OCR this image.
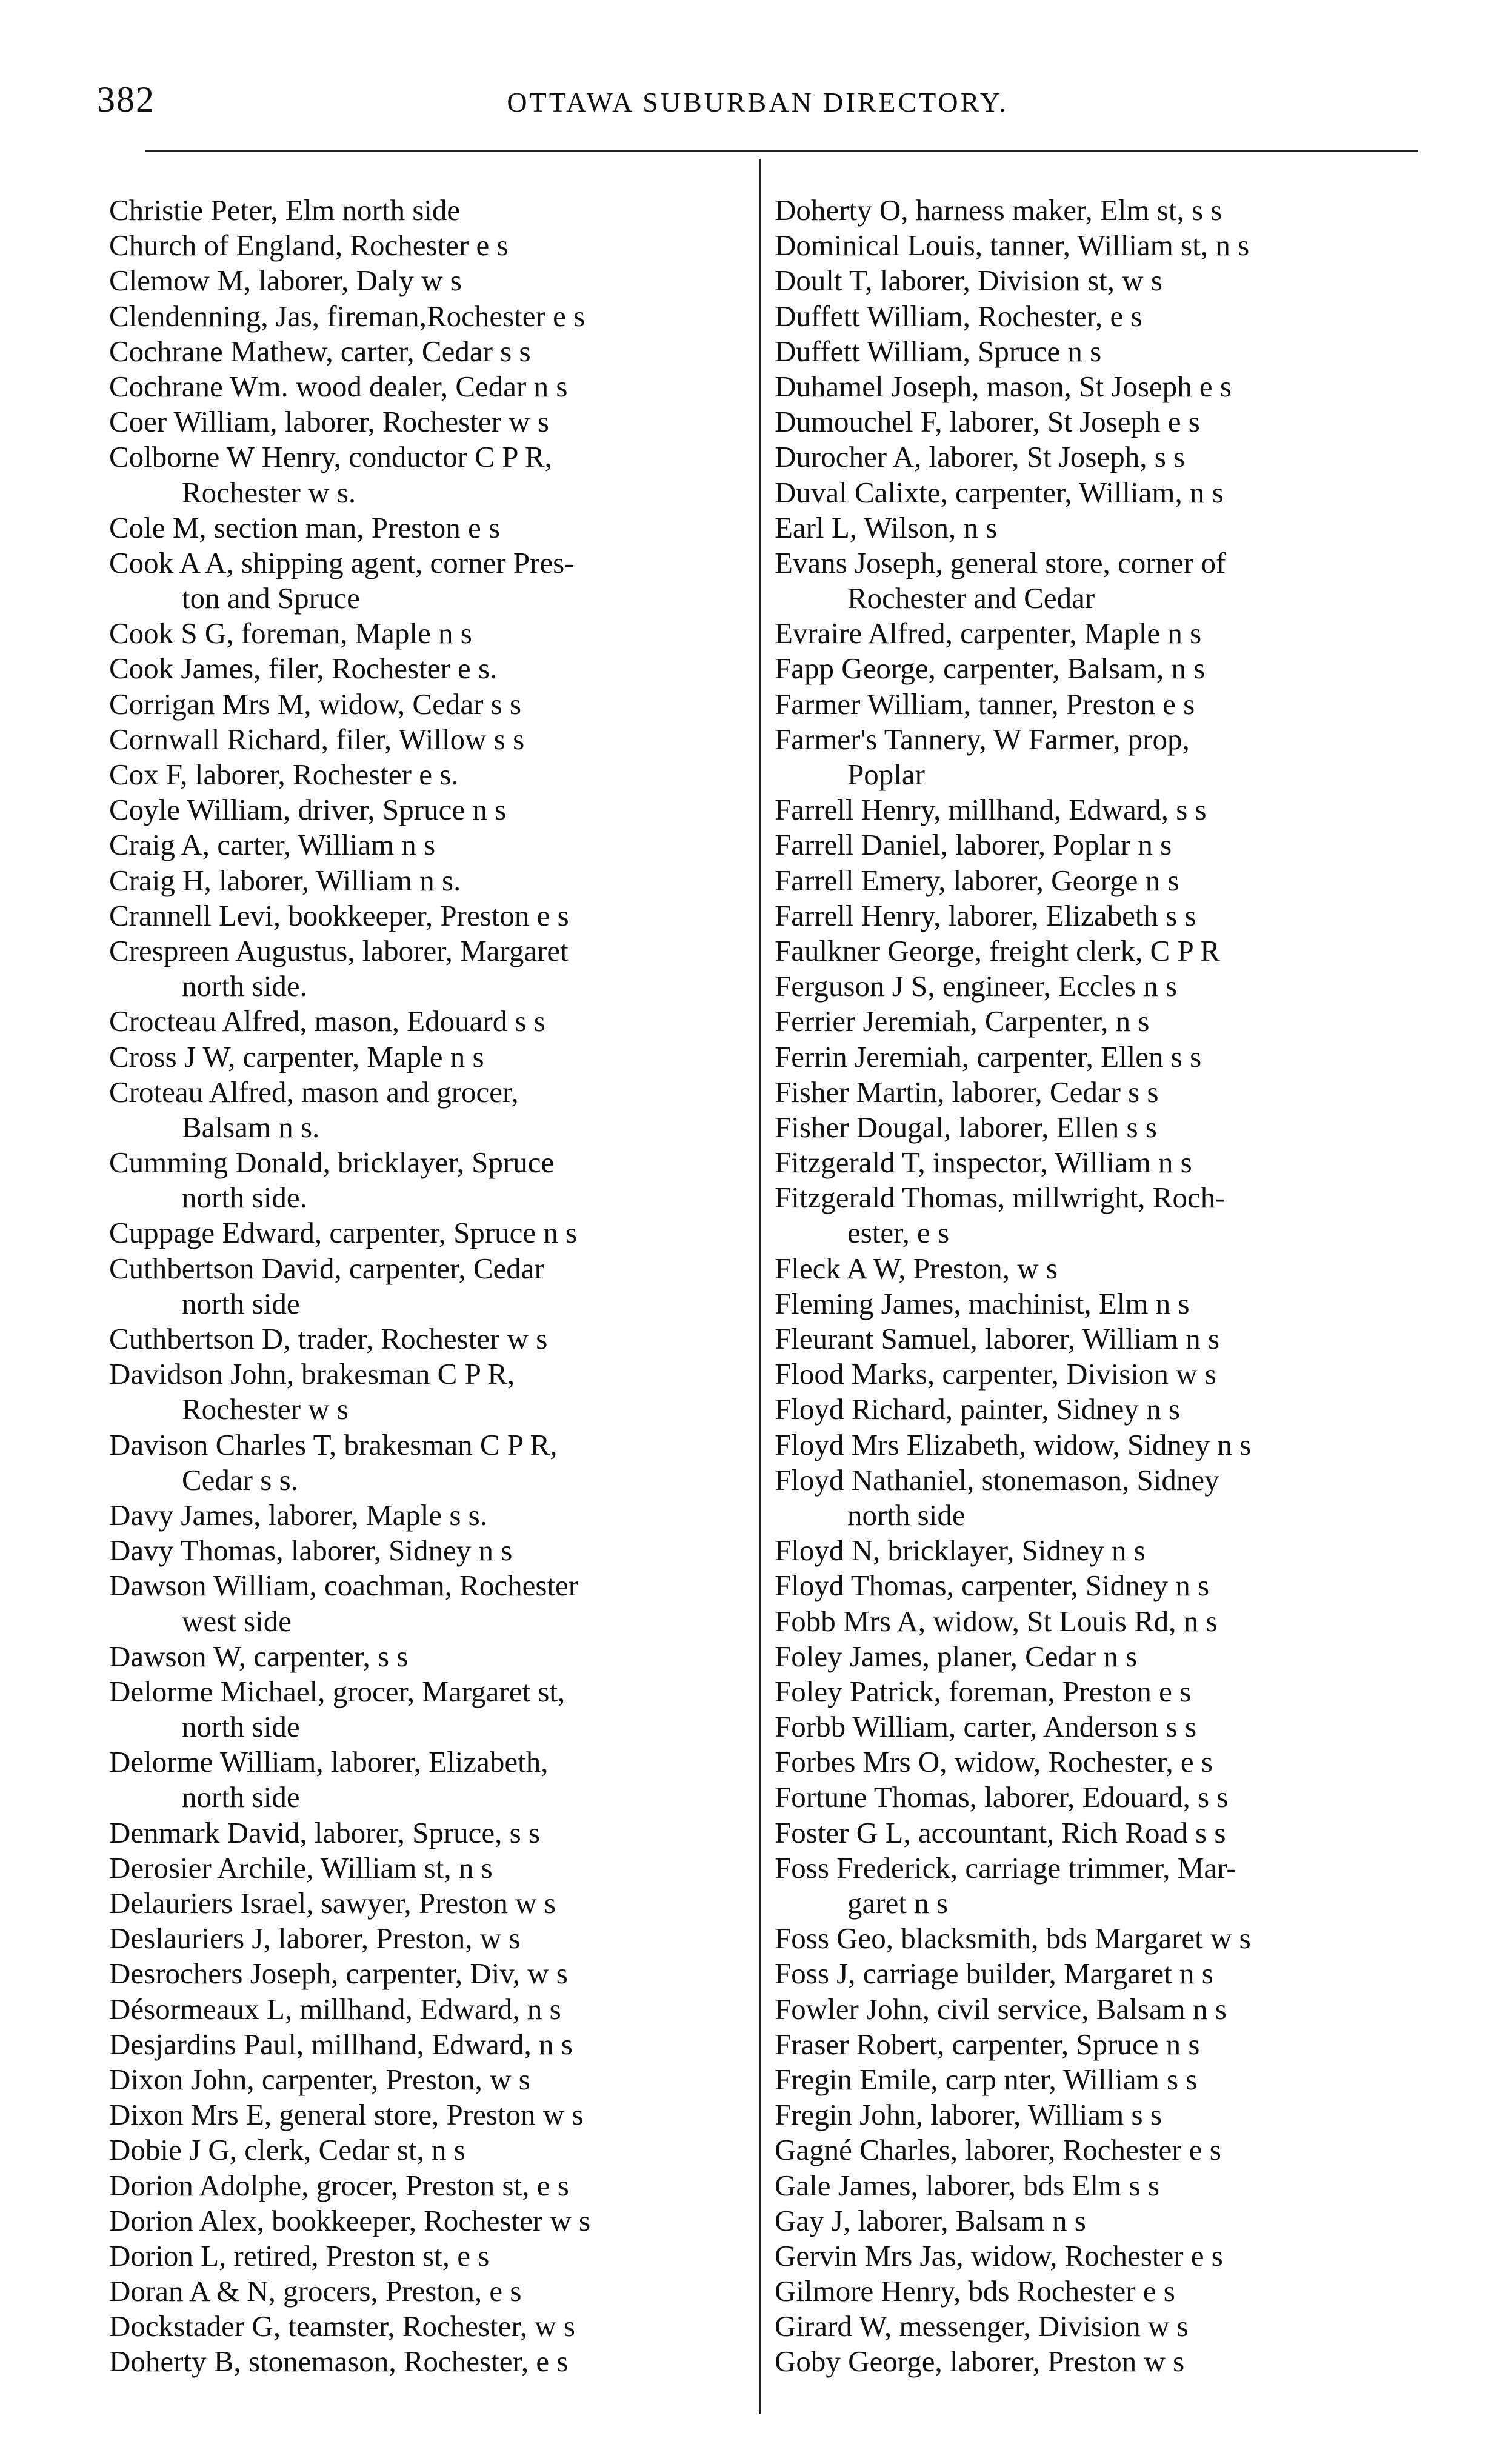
382	OTTAWA SUBURBAN DIRECTORY.
Christie Peter, Elm north side
Church of England, Rochester e s
Clemow M, laborer, Daly w s
Clendenning, Jas, fireman,Rochester e s
Cochrane Mathew, carter, Cedar s s
Cochrane Wm. wood dealer, Cedar n s
Coer William, laborer, Rochester w s
Colborne W Henry, conductor C P R,
Rochester w s.
Cole M, section man, Preston e s
Cook A A, shipping agent, corner Pres-
ton and Spruce
Cook S G, foreman, Maple n s
Cook James, filer, Rochester e s.
Corrigan Mrs M, widow, Cedar s s
Cornwall Richard, filer, Willow s s
Cox F, laborer, Rochester e s.
Coyle William, driver, Spruce n s
Craig A, carter, William n s
Craig H, laborer, William n s.
Crannell Levi, bookkeeper, Preston e s
Crespreen Augustus, laborer, Margaret
north side.
Crocteau Alfred, mason, Edouard s s
Cross J W, carpenter, Maple n s
Croteau Alfred, mason and grocer,
Balsam n s.
Cumming Donald, bricklayer, Spruce
north side.
Cuppage Edward, carpenter, Spruce n s
Cuthbertson David, carpenter, Cedar
north side
Cuthbertson D, trader, Rochester w s
Davidson John, brakesman C P R,
Rochester w s
Davison Charles T, brakesman C P R,
Cedar s s.
Davy James, laborer, Maple s s.
Davy Thomas, laborer, Sidney n s
Dawson William, coachman, Rochester
west side
Dawson W, carpenter, s s
Delorme Michael, grocer, Margaret st,
north side
Delorme William, laborer, Elizabeth,
north side
Denmark David, laborer, Spruce, s s
Derosier Archile, William st, n s
Delauriers Israel, sawyer, Preston w s
Deslauriers J, laborer, Preston, w s
Desrochers Joseph, carpenter, Div, w s
Désormeaux L, millhand, Edward, n s
Desjardins Paul, millhand, Edward, n s
Dixon John, carpenter, Preston, w s
Dixon Mrs E, general store, Preston w s
Dobie J G, clerk, Cedar st, n s
Dorion Adolphe, grocer, Preston st, e s
Dorion Alex, bookkeeper, Rochester w s
Dorion L, retired, Preston st, e s
Doran A & N, grocers, Preston, e s
Dockstader G, teamster, Rochester, w s
Doherty B, stonemason, Rochester, e s
Doherty O, harness maker, Elm st, s s
Dominical Louis, tanner, William st, n s
Doult T, laborer, Division st, w s
Duffett William, Rochester, e s
Duffett William, Spruce n s
Duhamel Joseph, mason, St Joseph e s
Dumouchel F, laborer, St Joseph e s
Durocher A, laborer, St Joseph, s s
Duval Calixte, carpenter, William, n s
Earl L, Wilson, n s
Evans Joseph, general store, corner of
Rochester and Cedar
Evraire Alfred, carpenter, Maple n s
Fapp George, carpenter, Balsam, n s
Farmer William, tanner, Preston e s
Farmer's Tannery, W Farmer, prop,
Poplar
Farrell Henry, millhand, Edward, s s
Farrell Daniel, laborer, Poplar n s
Farrell Emery, laborer, George n s
Farrell Henry, laborer, Elizabeth s s
Faulkner George, freight clerk, C P R
Ferguson J S, engineer, Eccles n s
Ferrier Jeremiah, Carpenter, n s
Ferrin Jeremiah, carpenter, Ellen s s
Fisher Martin, laborer, Cedar s s
Fisher Dougal, laborer, Ellen s s
Fitzgerald T, inspector, William n s
Fitzgerald Thomas, millwright, Roch-
ester, e s
Fleck A W, Preston, w s
Fleming James, machinist, Elm n s
Fleurant Samuel, laborer, William n s
Flood Marks, carpenter, Division w s
Floyd Richard, painter, Sidney n s
Floyd Mrs Elizabeth, widow, Sidney n s
Floyd Nathaniel, stonemason, Sidney
north side
Floyd N, bricklayer, Sidney n s
Floyd Thomas, carpenter, Sidney n s
Fobb Mrs A, widow, St Louis Rd, n s
Foley James, planer, Cedar n s
Foley Patrick, foreman, Preston e s
Forbb William, carter, Anderson s s
Forbes Mrs O, widow, Rochester, e s
Fortune Thomas, laborer, Edouard, s s
Foster G L, accountant, Rich Road s s
Foss Frederick, carriage trimmer, Mar-
garet n s
Foss Geo, blacksmith, bds Margaret w s
Foss J, carriage builder, Margaret n s
Fowler John, civil service, Balsam n s
Fraser Robert, carpenter, Spruce n s
Fregin Emile, carp nter, William s s
Fregin John, laborer, William s s
Gagné Charles, laborer, Rochester e s
Gale James, laborer, bds Elm s s
Gay J, laborer, Balsam n s
Gervin Mrs Jas, widow, Rochester e s
Gilmore Henry, bds Rochester e s
Girard W, messenger, Division w s
Goby George, laborer, Preston w s
